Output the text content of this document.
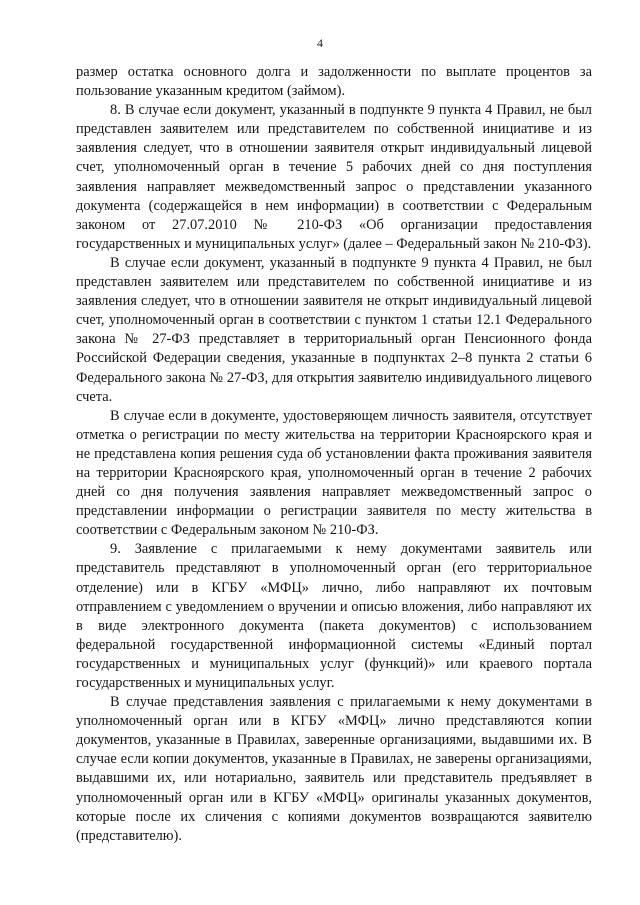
4

размер остатка основного долга и задолженности по выплате процентов за пользование указанным кредитом (займом).

8. В случае если документ, указанный в подпункте 9 пункта 4 Правил, не был представлен заявителем или представителем по собственной инициативе и из заявления следует, что в отношении заявителя открыт индивидуальный лицевой счет, уполномоченный орган в течение 5 рабочих дней со дня поступления заявления направляет межведомственный запрос о представлении указанного документа (содержащейся в нем информации) в соответствии с Федеральным законом от 27.07.2010 № 210-ФЗ «Об организации предоставления государственных и муниципальных услуг» (далее – Федеральный закон № 210-ФЗ).

В случае если документ, указанный в подпункте 9 пункта 4 Правил, не был представлен заявителем или представителем по собственной инициативе и из заявления следует, что в отношении заявителя не открыт индивидуальный лицевой счет, уполномоченный орган в соответствии с пунктом 1 статьи 12.1 Федерального закона № 27-ФЗ представляет в территориальный орган Пенсионного фонда Российской Федерации сведения, указанные в подпунктах 2–8 пункта 2 статьи 6 Федерального закона № 27-ФЗ, для открытия заявителю индивидуального лицевого счета.

В случае если в документе, удостоверяющем личность заявителя, отсутствует отметка о регистрации по месту жительства на территории Красноярского края и не представлена копия решения суда об установлении факта проживания заявителя на территории Красноярского края, уполномоченный орган в течение 2 рабочих дней со дня получения заявления направляет межведомственный запрос о представлении информации о регистрации заявителя по месту жительства в соответствии с Федеральным законом № 210-ФЗ.

9. Заявление с прилагаемыми к нему документами заявитель или представитель представляют в уполномоченный орган (его территориальное отделение) или в КГБУ «МФЦ» лично, либо направляют их почтовым отправлением с уведомлением о вручении и описью вложения, либо направляют их в виде электронного документа (пакета документов) с использованием федеральной государственной информационной системы «Единый портал государственных и муниципальных услуг (функций)» или краевого портала государственных и муниципальных услуг.

В случае представления заявления с прилагаемыми к нему документами в уполномоченный орган или в КГБУ «МФЦ» лично представляются копии документов, указанные в Правилах, заверенные организациями, выдавшими их. В случае если копии документов, указанные в Правилах, не заверены организациями, выдавшими их, или нотариально, заявитель или представитель предъявляет в уполномоченный орган или в КГБУ «МФЦ» оригиналы указанных документов, которые после их сличения с копиями документов возвращаются заявителю (представителю).
